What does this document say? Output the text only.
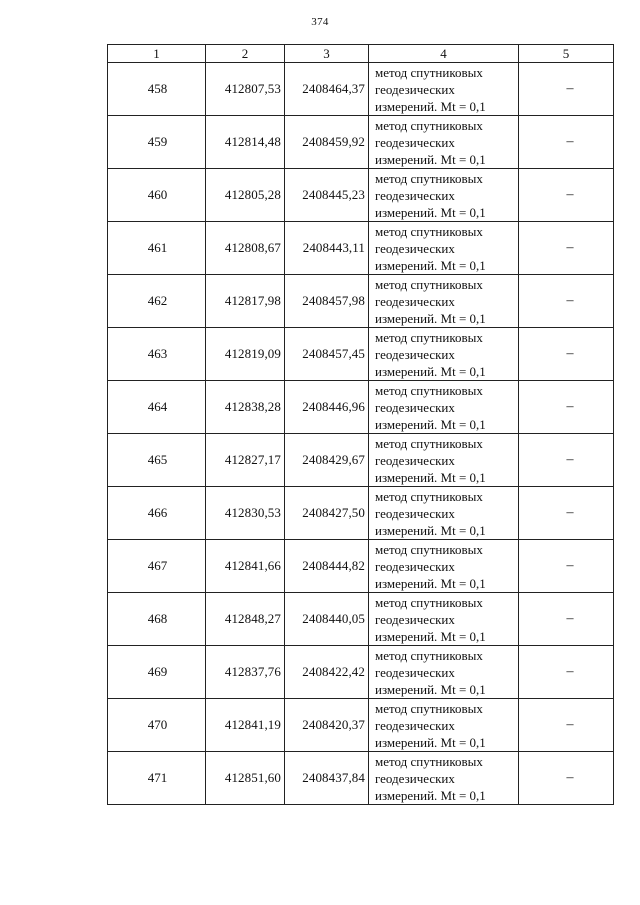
374
1	2	3	4	5
458	412807,53	2408464,37	метод спутниковых
геодезических
измерений. Mt = 0,1	–
459	412814,48	2408459,92	метод спутниковых
геодезических
измерений. Mt = 0,1	–
460	412805,28	2408445,23	метод спутниковых
геодезических
измерений. Mt = 0,1	–
461	412808,67	2408443,11	метод спутниковых
геодезических
измерений. Mt = 0,1	–
462	412817,98	2408457,98	метод спутниковых
геодезических
измерений. Mt = 0,1	–
463	412819,09	2408457,45	метод спутниковых
геодезических
измерений. Mt = 0,1	–
464	412838,28	2408446,96	метод спутниковых
геодезических
измерений. Mt = 0,1	–
465	412827,17	2408429,67	метод спутниковых
геодезических
измерений. Mt = 0,1	–
466	412830,53	2408427,50	метод спутниковых
геодезических
измерений. Mt = 0,1	–
467	412841,66	2408444,82	метод спутниковых
геодезических
измерений. Mt = 0,1	–
468	412848,27	2408440,05	метод спутниковых
геодезических
измерений. Mt = 0,1	–
469	412837,76	2408422,42	метод спутниковых
геодезических
измерений. Mt = 0,1	–
470	412841,19	2408420,37	метод спутниковых
геодезических
измерений. Mt = 0,1	–
471	412851,60	2408437,84	метод спутниковых
геодезических
измерений. Mt = 0,1	–
